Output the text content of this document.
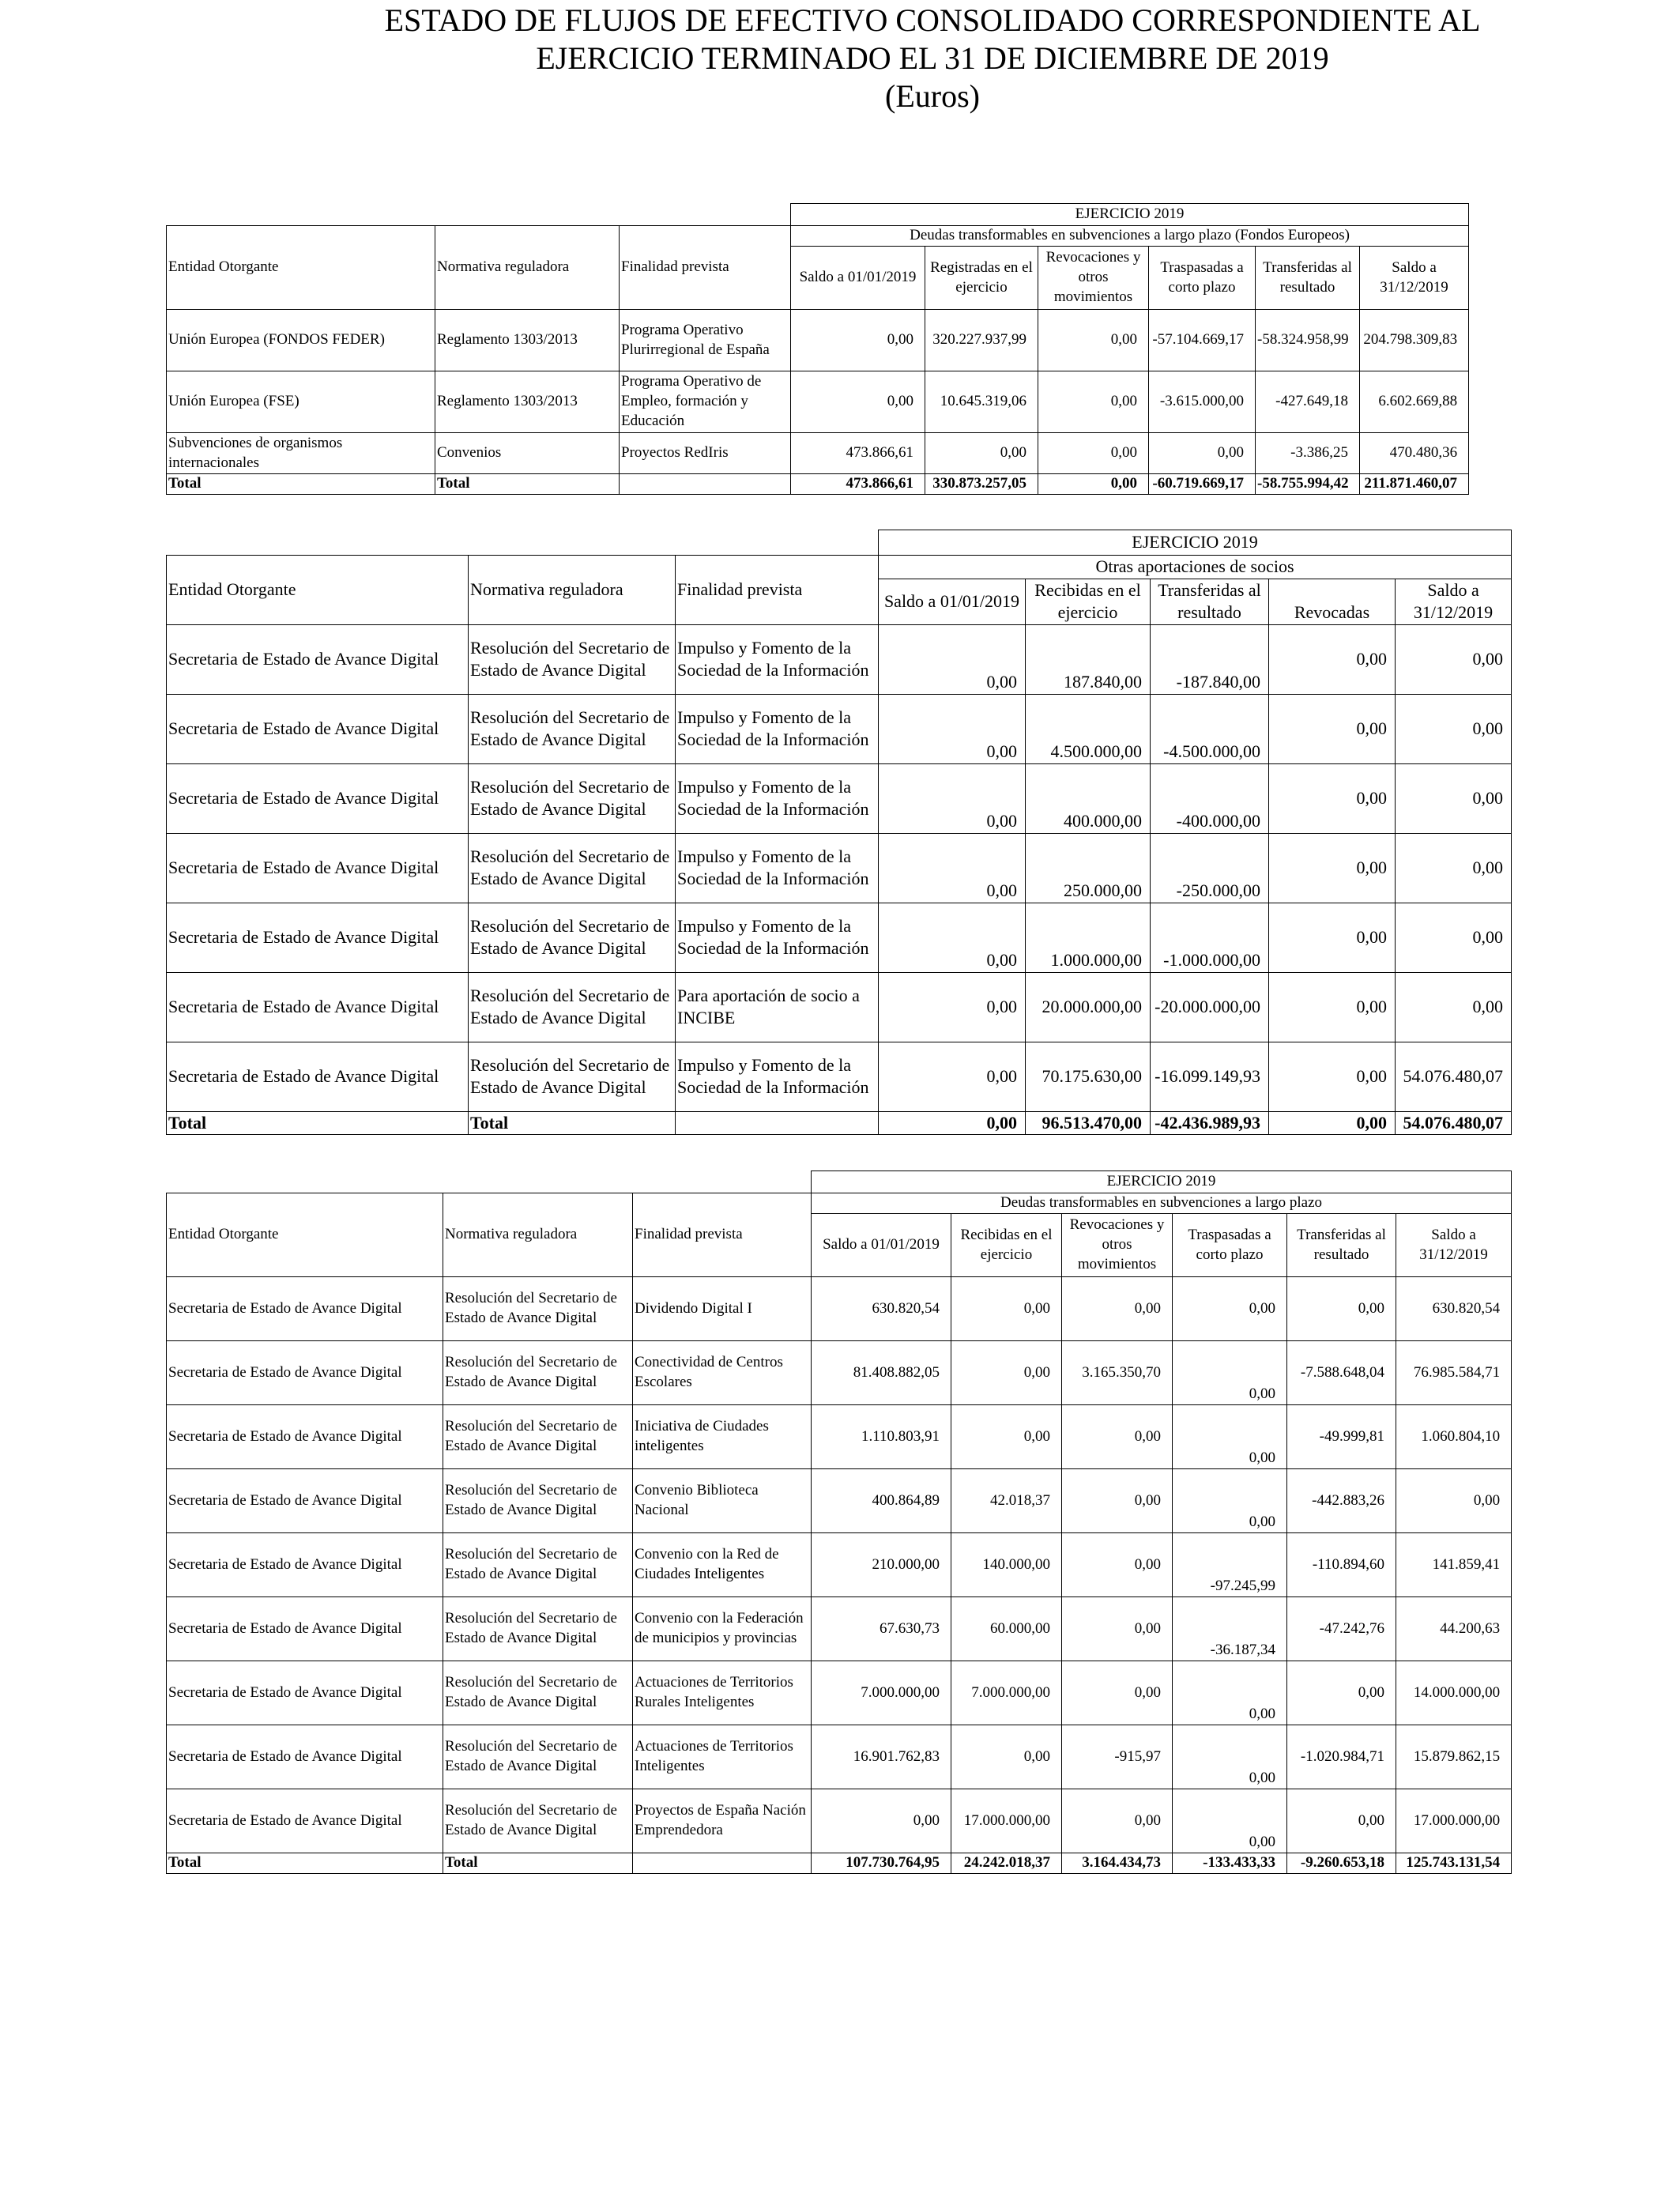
ESTADO DE FLUJOS DE EFECTIVO CONSOLIDADO CORRESPONDIENTE AL
EJERCICIO TERMINADO EL 31 DE DICIEMBRE DE 2019
(Euros)
			EJERCICIO 2019					
Entidad Otorgante	Normativa reguladora	Finalidad prevista	Deudas transformables en subvenciones a largo plazo (Fondos Europeos)					
			Saldo a 01/01/2019	Registradas en el ejercicio	Revocaciones y otros movimientos	Traspasadas a corto plazo	Transferidas al resultado	Saldo a 31/12/2019
Unión Europea (FONDOS FEDER)	Reglamento 1303/2013	Programa Operativo Plurirregional de España	0,00	320.227.937,99	0,00	-57.104.669,17	-58.324.958,99	204.798.309,83
Unión Europea (FSE)	Reglamento 1303/2013	Programa Operativo de Empleo, formación y Educación	0,00	10.645.319,06	0,00	-3.615.000,00	-427.649,18	6.602.669,88
Subvenciones de organismos internacionales	Convenios	Proyectos RedIris	473.866,61	0,00	0,00	0,00	-3.386,25	470.480,36
Total	Total		473.866,61	330.873.257,05	0,00	-60.719.669,17	-58.755.994,42	211.871.460,07
			EJERCICIO 2019				
Entidad Otorgante	Normativa reguladora	Finalidad prevista	Otras aportaciones de socios				
			Saldo a 01/01/2019	Recibidas en el ejercicio	Transferidas al resultado	Revocadas	Saldo a 31/12/2019
Secretaria de Estado de Avance Digital	Resolución del Secretario de Estado de Avance Digital	Impulso y Fomento de la Sociedad de la Información	0,00	187.840,00	-187.840,00	0,00	0,00
Secretaria de Estado de Avance Digital	Resolución del Secretario de Estado de Avance Digital	Impulso y Fomento de la Sociedad de la Información	0,00	4.500.000,00	-4.500.000,00	0,00	0,00
Secretaria de Estado de Avance Digital	Resolución del Secretario de Estado de Avance Digital	Impulso y Fomento de la Sociedad de la Información	0,00	400.000,00	-400.000,00	0,00	0,00
Secretaria de Estado de Avance Digital	Resolución del Secretario de Estado de Avance Digital	Impulso y Fomento de la Sociedad de la Información	0,00	250.000,00	-250.000,00	0,00	0,00
Secretaria de Estado de Avance Digital	Resolución del Secretario de Estado de Avance Digital	Impulso y Fomento de la Sociedad de la Información	0,00	1.000.000,00	-1.000.000,00	0,00	0,00
Secretaria de Estado de Avance Digital	Resolución del Secretario de Estado de Avance Digital	Para aportación de socio a INCIBE	0,00	20.000.000,00	-20.000.000,00	0,00	0,00
Secretaria de Estado de Avance Digital	Resolución del Secretario de Estado de Avance Digital	Impulso y Fomento de la Sociedad de la Información	0,00	70.175.630,00	-16.099.149,93	0,00	54.076.480,07
Total	Total		0,00	96.513.470,00	-42.436.989,93	0,00	54.076.480,07
			EJERCICIO 2019					
Entidad Otorgante	Normativa reguladora	Finalidad prevista	Deudas transformables en subvenciones a largo plazo					
			Saldo a 01/01/2019	Recibidas en el ejercicio	Revocaciones y otros movimientos	Traspasadas a corto plazo	Transferidas al resultado	Saldo a 31/12/2019
Secretaria de Estado de Avance Digital	Resolución del Secretario de Estado de Avance Digital	Dividendo Digital I	630.820,54	0,00	0,00	0,00	0,00	630.820,54
Secretaria de Estado de Avance Digital	Resolución del Secretario de Estado de Avance Digital	Conectividad de Centros Escolares	81.408.882,05	0,00	3.165.350,70	0,00	-7.588.648,04	76.985.584,71
Secretaria de Estado de Avance Digital	Resolución del Secretario de Estado de Avance Digital	Iniciativa de Ciudades inteligentes	1.110.803,91	0,00	0,00	0,00	-49.999,81	1.060.804,10
Secretaria de Estado de Avance Digital	Resolución del Secretario de Estado de Avance Digital	Convenio Biblioteca Nacional	400.864,89	42.018,37	0,00	0,00	-442.883,26	0,00
Secretaria de Estado de Avance Digital	Resolución del Secretario de Estado de Avance Digital	Convenio con la Red de Ciudades Inteligentes	210.000,00	140.000,00	0,00	-97.245,99	-110.894,60	141.859,41
Secretaria de Estado de Avance Digital	Resolución del Secretario de Estado de Avance Digital	Convenio con la Federación de municipios y provincias	67.630,73	60.000,00	0,00	-36.187,34	-47.242,76	44.200,63
Secretaria de Estado de Avance Digital	Resolución del Secretario de Estado de Avance Digital	Actuaciones de Territorios Rurales Inteligentes	7.000.000,00	7.000.000,00	0,00	0,00	0,00	14.000.000,00
Secretaria de Estado de Avance Digital	Resolución del Secretario de Estado de Avance Digital	Actuaciones de Territorios Inteligentes	16.901.762,83	0,00	-915,97	0,00	-1.020.984,71	15.879.862,15
Secretaria de Estado de Avance Digital	Resolución del Secretario de Estado de Avance Digital	Proyectos de España Nación Emprendedora	0,00	17.000.000,00	0,00	0,00	0,00	17.000.000,00
Total	Total		107.730.764,95	24.242.018,37	3.164.434,73	-133.433,33	-9.260.653,18	125.743.131,54
